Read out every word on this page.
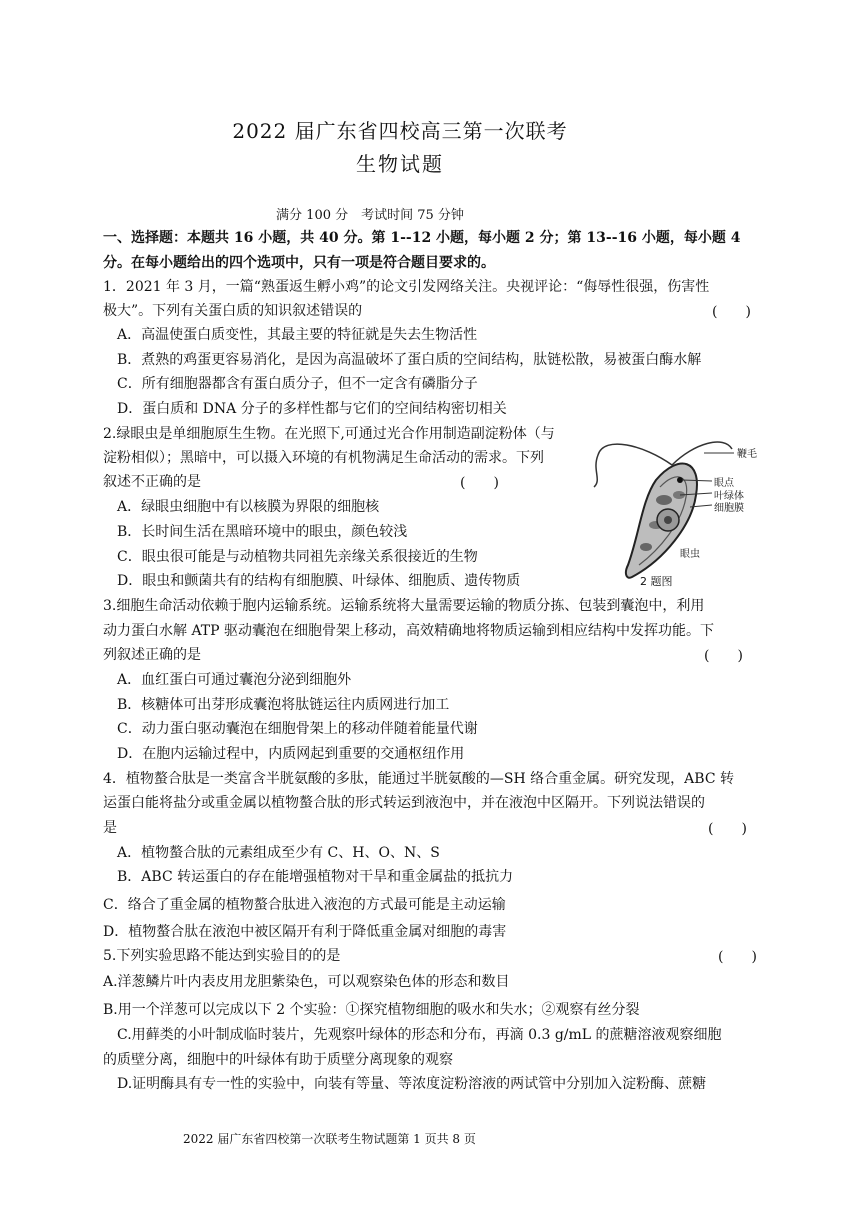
2022 届广东省四校高三第一次联考
生物试题
满分 100 分　考试时间 75 分钟
一、选择题：本题共 16 小题，共 40 分。第 1--12 小题，每小题 2 分；第 13--16 小题，每小题 4
分。在每小题给出的四个选项中，只有一项是符合题目要求的。
1．2021 年 3 月，一篇“熟蛋返生孵小鸡”的论文引发网络关注。央视评论：“侮辱性很强，伤害性
极大”。下列有关蛋白质的知识叙述错误的	(　　)
A．高温使蛋白质变性，其最主要的特征就是失去生物活性
B．煮熟的鸡蛋更容易消化，是因为高温破坏了蛋白质的空间结构，肽链松散，易被蛋白酶水解
C．所有细胞器都含有蛋白质分子，但不一定含有磷脂分子
D．蛋白质和 DNA 分子的多样性都与它们的空间结构密切相关
2.绿眼虫是单细胞原生生物。在光照下,可通过光合作用制造副淀粉体（与
淀粉相似）；黑暗中，可以摄入环境的有机物满足生命活动的需求。下列
叙述不正确的是	(　　)
A．绿眼虫细胞中有以核膜为界限的细胞核
B．长时间生活在黑暗环境中的眼虫，颜色较浅
C．眼虫很可能是与动植物共同祖先亲缘关系很接近的生物
D．眼虫和颤菌共有的结构有细胞膜、叶绿体、细胞质、遗传物质
鞭毛
眼点
叶绿体
细胞膜
眼虫
2 题图
3.细胞生命活动依赖于胞内运输系统。运输系统将大量需要运输的物质分拣、包装到囊泡中，利用
动力蛋白水解 ATP 驱动囊泡在细胞骨架上移动，高效精确地将物质运输到相应结构中发挥功能。下
列叙述正确的是	(　　)
A．血红蛋白可通过囊泡分泌到细胞外
B．核糖体可出芽形成囊泡将肽链运往内质网进行加工
C．动力蛋白驱动囊泡在细胞骨架上的移动伴随着能量代谢
D．在胞内运输过程中，内质网起到重要的交通枢纽作用
4．植物螯合肽是一类富含半胱氨酸的多肽，能通过半胱氨酸的—SH 络合重金属。研究发现，ABC 转
运蛋白能将盐分或重金属以植物螯合肽的形式转运到液泡中，并在液泡中区隔开。下列说法错误的
是	(　　)
A．植物螯合肽的元素组成至少有 C、H、O、N、S
B．ABC 转运蛋白的存在能增强植物对干旱和重金属盐的抵抗力
C．络合了重金属的植物螯合肽进入液泡的方式最可能是主动运输
D．植物螯合肽在液泡中被区隔开有利于降低重金属对细胞的毒害
5.下列实验思路不能达到实验目的的是	(　　)
A.洋葱鳞片叶内表皮用龙胆紫染色，可以观察染色体的形态和数目
B.用一个洋葱可以完成以下 2 个实验：①探究植物细胞的吸水和失水；②观察有丝分裂
C.用藓类的小叶制成临时装片，先观察叶绿体的形态和分布，再滴 0.3 g/mL 的蔗糖溶液观察细胞
的质壁分离，细胞中的叶绿体有助于质壁分离现象的观察
D.证明酶具有专一性的实验中，向装有等量、等浓度淀粉溶液的两试管中分别加入淀粉酶、蔗糖
2022 届广东省四校第一次联考生物试题第 1 页共 8 页
